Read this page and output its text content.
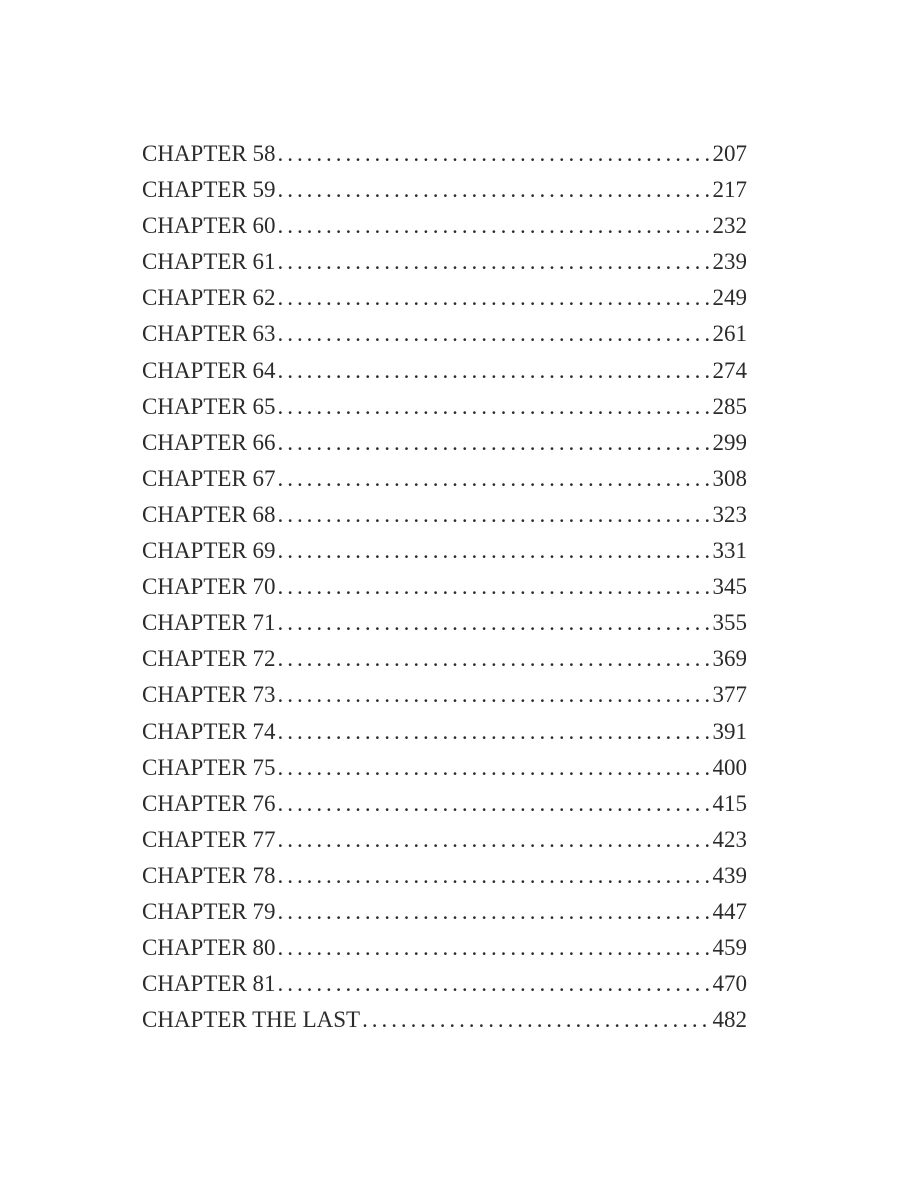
CHAPTER 58 . . .	207
CHAPTER 59 . . .	217
CHAPTER 60 . . .	232
CHAPTER 61 . . .	239
CHAPTER 62 . . .	249
CHAPTER 63 . . .	261
CHAPTER 64 . . .	274
CHAPTER 65 . . .	285
CHAPTER 66 . . .	299
CHAPTER 67 . . .	308
CHAPTER 68 . . .	323
CHAPTER 69 . . .	331
CHAPTER 70 . . .	345
CHAPTER 71 . . .	355
CHAPTER 72 . . .	369
CHAPTER 73 . . .	377
CHAPTER 74 . . .	391
CHAPTER 75 . . .	400
CHAPTER 76 . . .	415
CHAPTER 77 . . .	423
CHAPTER 78 . . .	439
CHAPTER 79 . . .	447
CHAPTER 80 . . .	459
CHAPTER 81 . . .	470
CHAPTER THE LAST . . .	482
